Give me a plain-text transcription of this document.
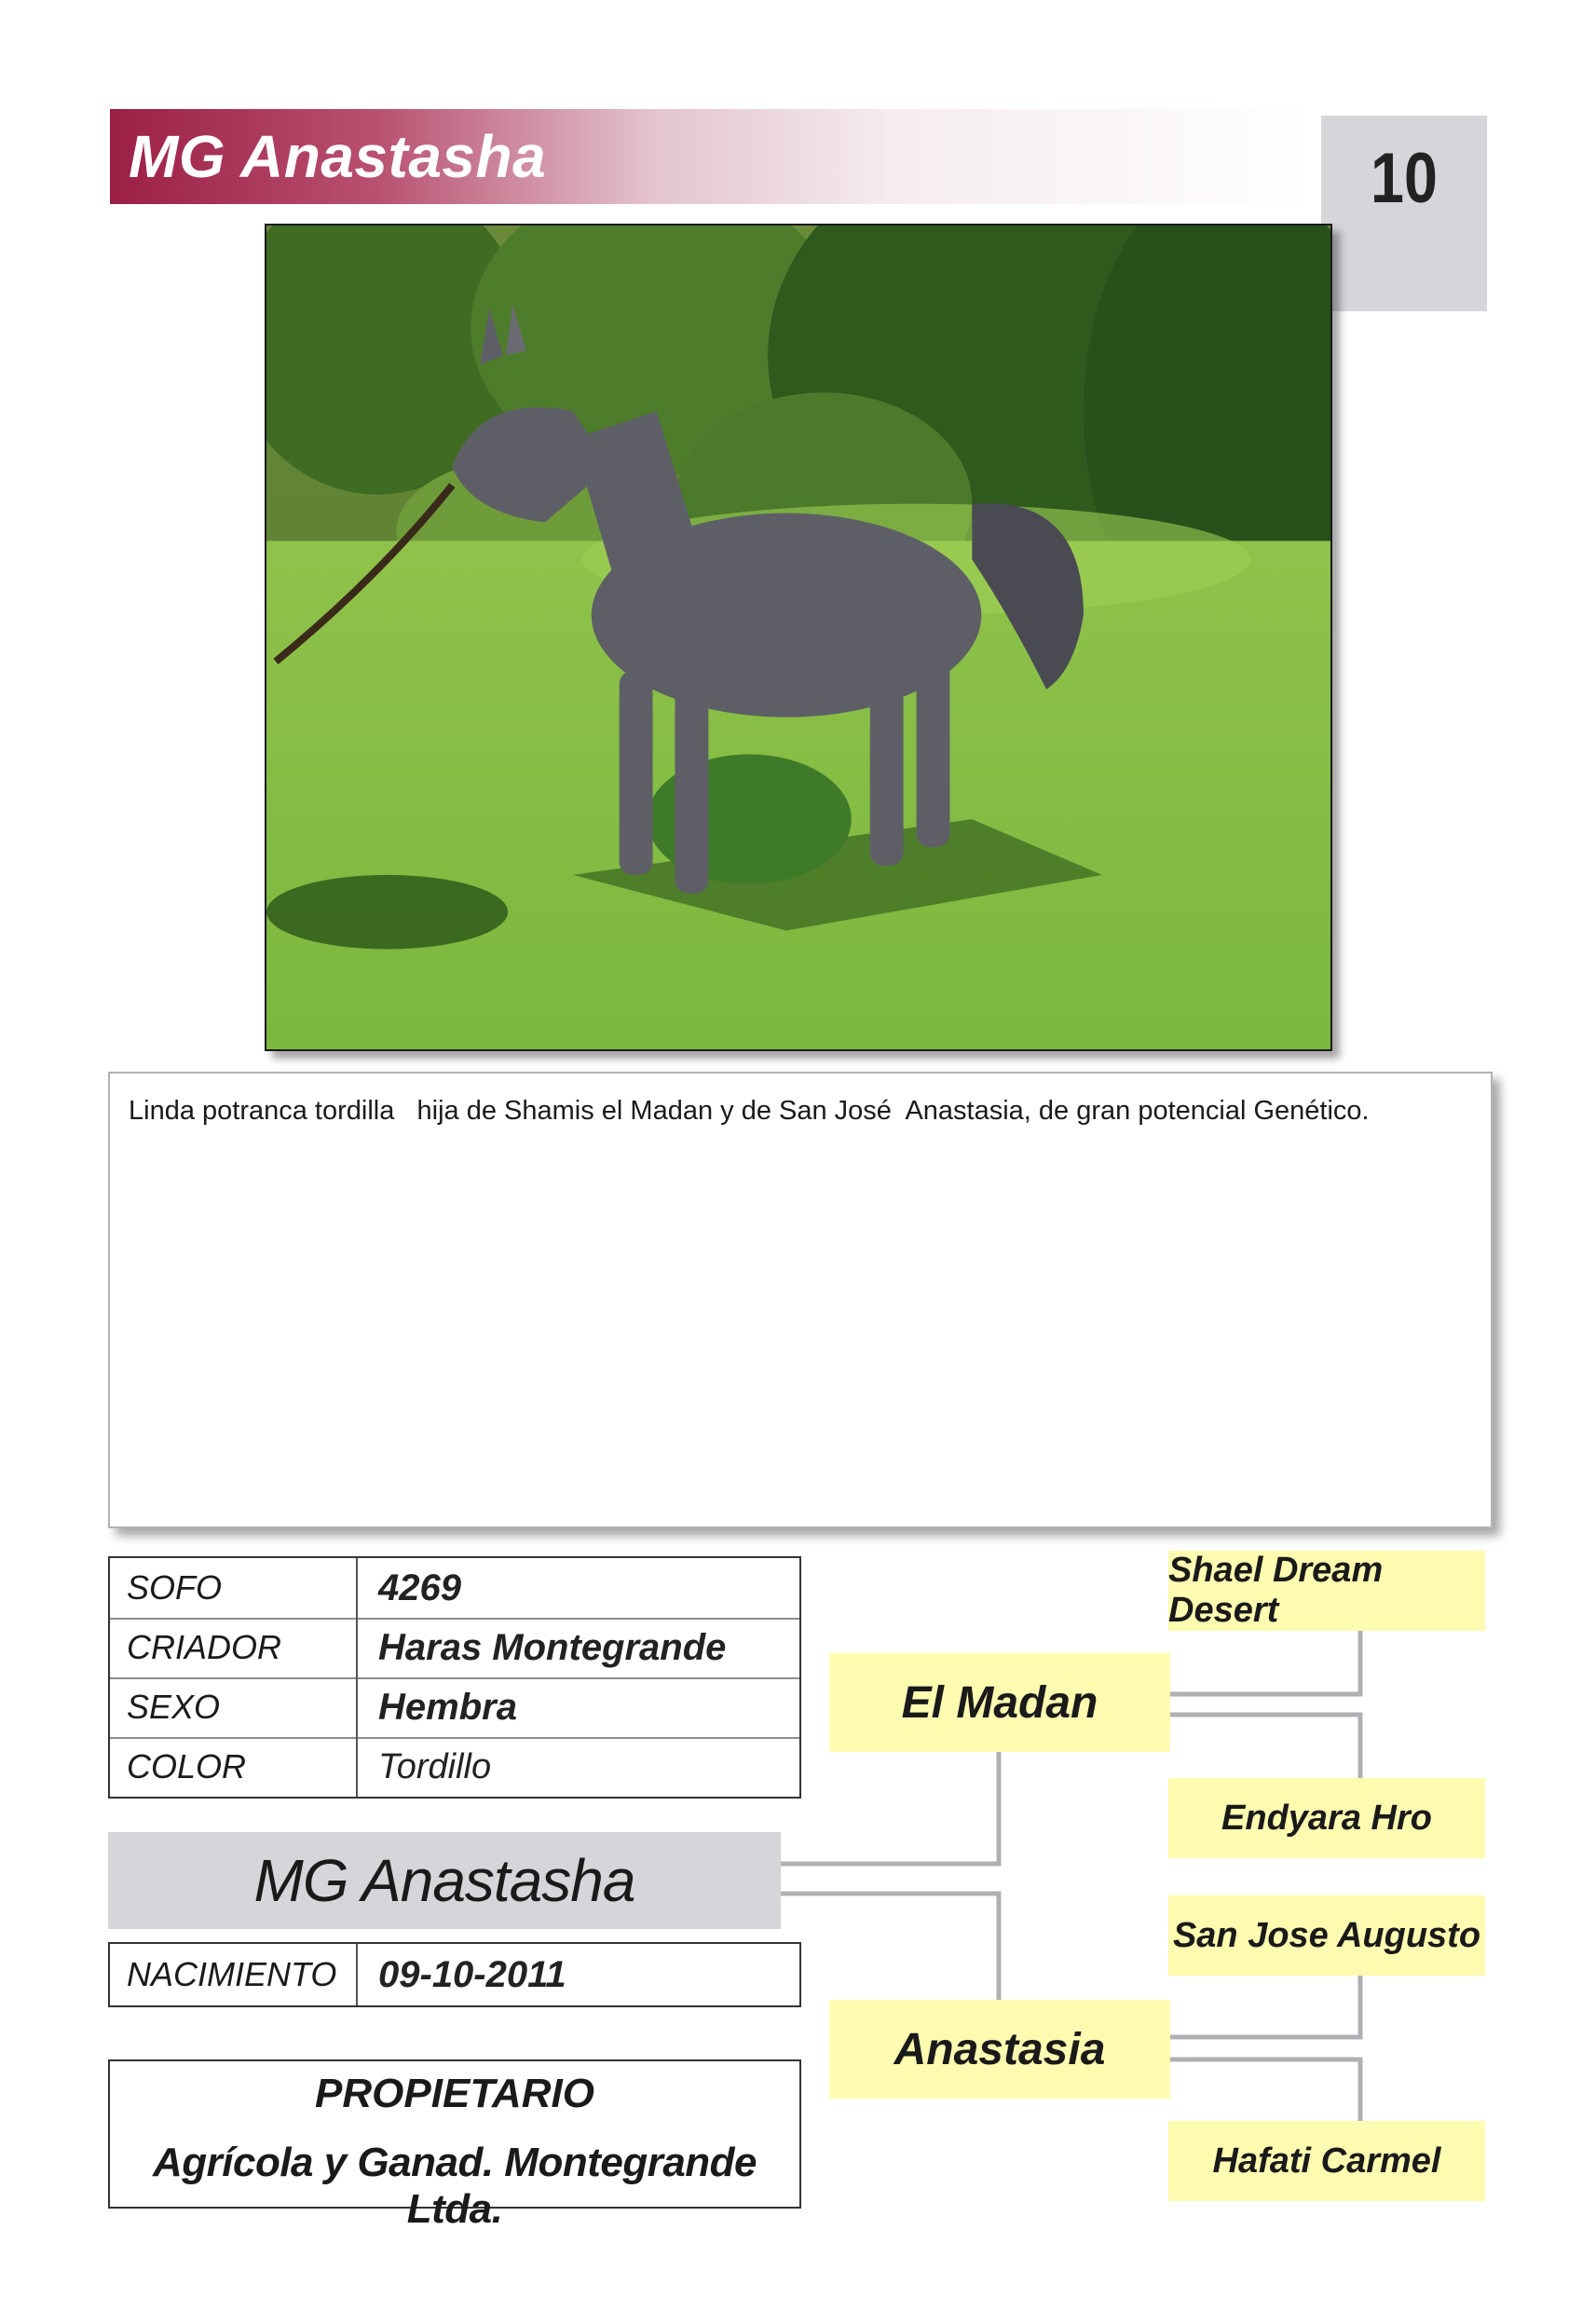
MG Anastasha	10
Linda potranca tordilla   hija de Shamis el Madan y de San José  Anastasia, de gran potencial Genético.
SOFO	4269
CRIADOR	Haras Montegrande
SEXO	Hembra
COLOR	Tordillo
MG Anastasha
NACIMIENTO	09-10-2011
PROPIETARIO
Agrícola y Ganad. Montegrande Ltda.
El Madan
Anastasia
Shael Dream Desert
Endyara Hro
San Jose Augusto
Hafati Carmel
